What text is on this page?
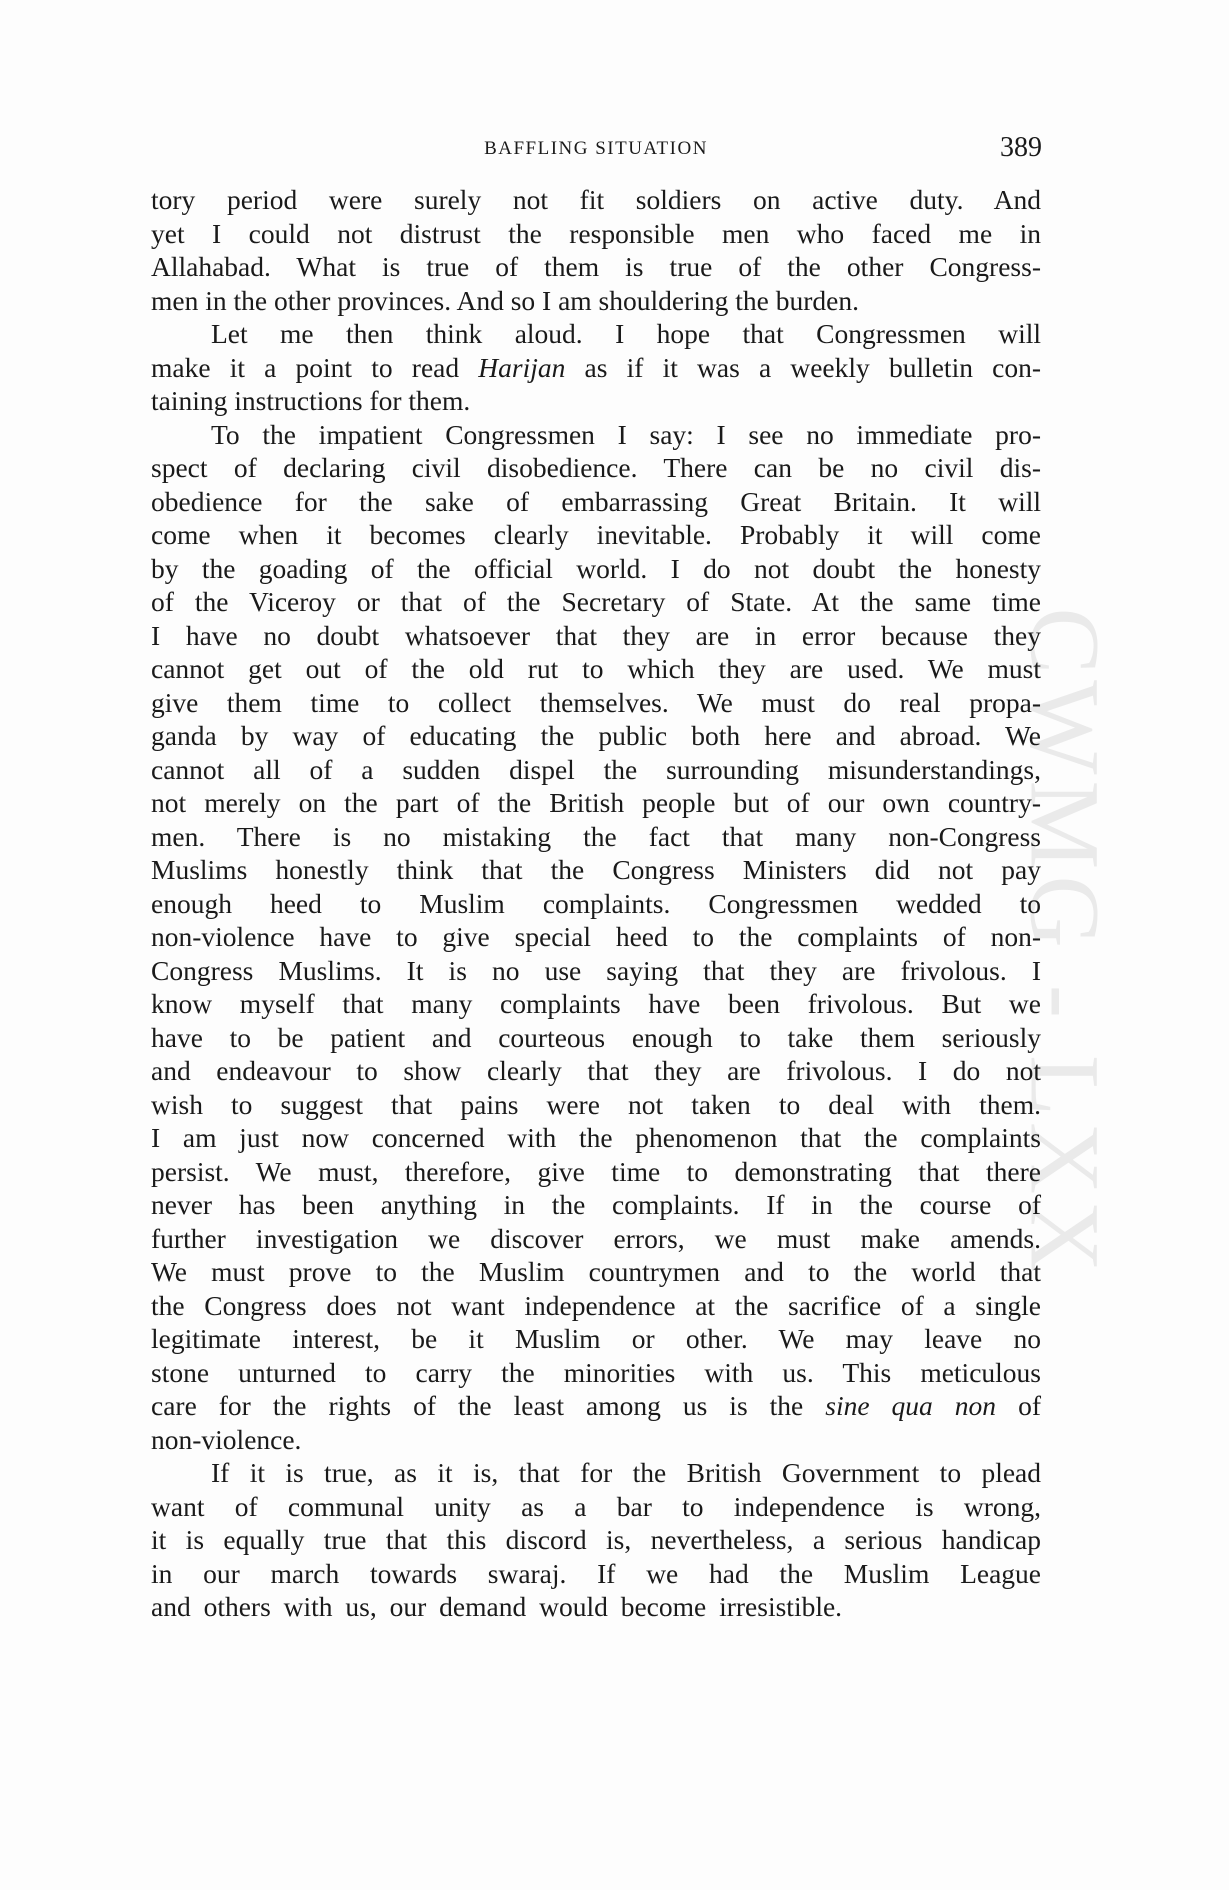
BAFFLING SITUATION	389
CWMG - LXX
tory period were surely not fit soldiers on active duty. And
yet I could not distrust the responsible men who faced me in
Allahabad. What is true of them is true of the other Congress-
men in the other provinces. And so I am shouldering the burden.
Let me then think aloud. I hope that Congressmen will
make it a point to read Harijan as if it was a weekly bulletin con-
taining instructions for them.
To the impatient Congressmen I say: I see no immediate pro-
spect of declaring civil disobedience. There can be no civil dis-
obedience for the sake of embarrassing Great Britain. It will
come when it becomes clearly inevitable. Probably it will come
by the goading of the official world. I do not doubt the honesty
of the Viceroy or that of the Secretary of State. At the same time
I have no doubt whatsoever that they are in error because they
cannot get out of the old rut to which they are used. We must
give them time to collect themselves. We must do real propa-
ganda by way of educating the public both here and abroad. We
cannot all of a sudden dispel the surrounding misunderstandings,
not merely on the part of the British people but of our own country-
men. There is no mistaking the fact that many non-Congress
Muslims honestly think that the Congress Ministers did not pay
enough heed to Muslim complaints. Congressmen wedded to
non-violence have to give special heed to the complaints of non-
Congress Muslims. It is no use saying that they are frivolous. I
know myself that many complaints have been frivolous. But we
have to be patient and courteous enough to take them seriously
and endeavour to show clearly that they are frivolous. I do not
wish to suggest that pains were not taken to deal with them.
I am just now concerned with the phenomenon that the complaints
persist. We must, therefore, give time to demonstrating that there
never has been anything in the complaints. If in the course of
further investigation we discover errors, we must make amends.
We must prove to the Muslim countrymen and to the world that
the Congress does not want independence at the sacrifice of a single
legitimate interest, be it Muslim or other. We may leave no
stone unturned to carry the minorities with us. This meticulous
care for the rights of the least among us is the sine qua non of
non-violence.
If it is true, as it is, that for the British Government to plead
want of communal unity as a bar to independence is wrong,
it is equally true that this discord is, nevertheless, a serious handicap
in our march towards swaraj. If we had the Muslim League
and others with us, our demand would become irresistible.
